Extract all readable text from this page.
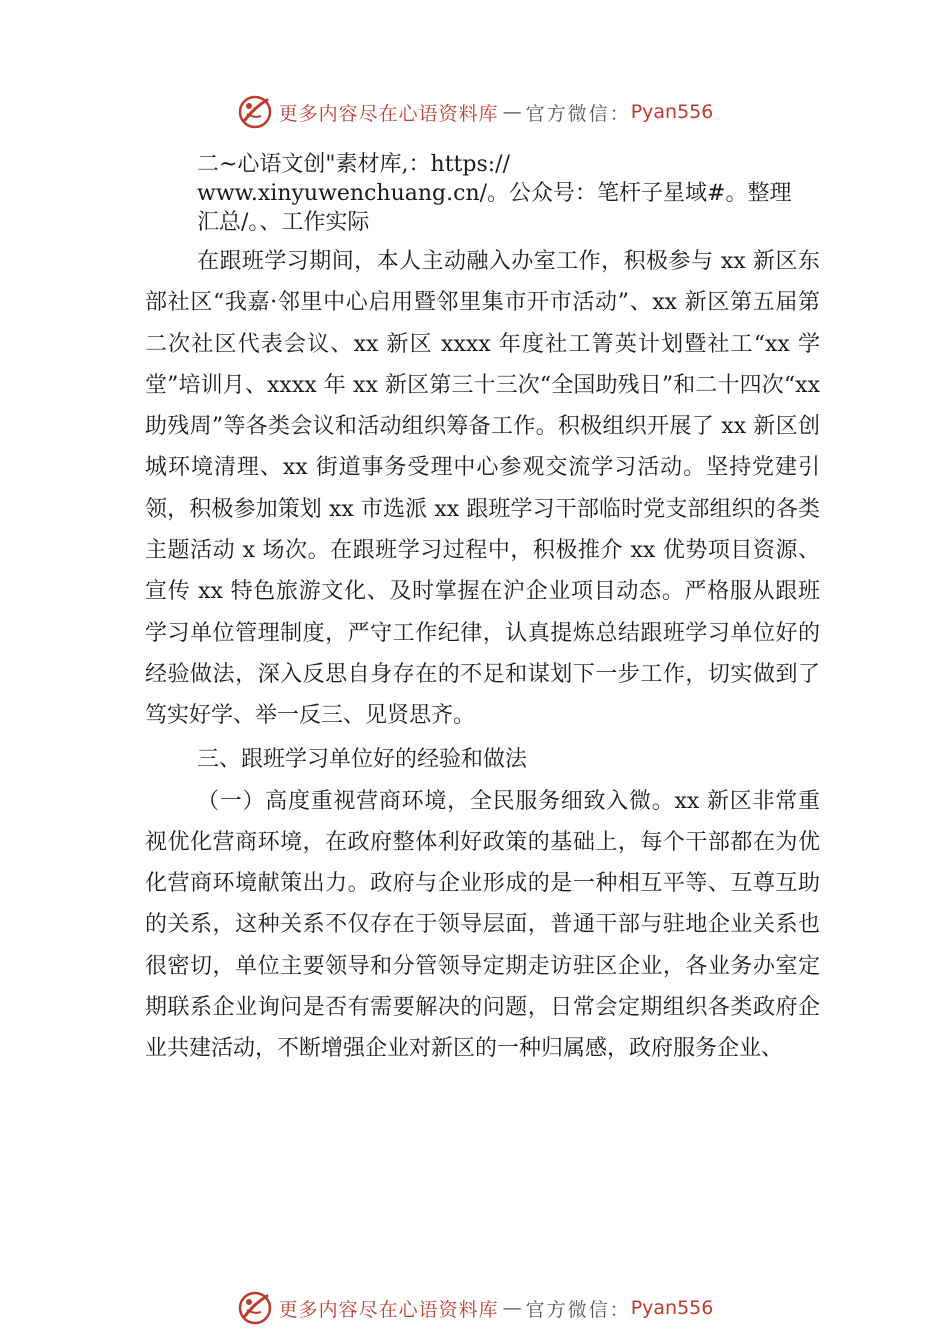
更多内容尽在心语资料库 — 官方微信： Pyan556
二~心语文创"素材库,：https://
www.xinyuwenchuang.cn/。公众号：笔杆子星域#。整理
汇总/。、工作实际

在跟班学习期间，本人主动融入办室工作，积极参与 xx 新区东部社区“我嘉·邻里中心启用暨邻里集市开市活动”、xx 新区第五届第二次社区代表会议、xx 新区 xxxx 年度社工箐英计划暨社工“xx 学堂”培训月、xxxx 年 xx 新区第三十三次“全国助残日”和二十四次“xx 助残周”等各类会议和活动组织筹备工作。积极组织开展了 xx 新区创城环境清理、xx 街道事务受理中心参观交流学习活动。坚持党建引领，积极参加策划 xx 市选派 xx 跟班学习干部临时党支部组织的各类主题活动 x 场次。在跟班学习过程中，积极推介 xx 优势项目资源、宣传 xx 特色旅游文化、及时掌握在沪企业项目动态。严格服从跟班学习单位管理制度，严守工作纪律，认真提炼总结跟班学习单位好的经验做法，深入反思自身存在的不足和谋划下一步工作，切实做到了笃实好学、举一反三、见贤思齐。

三、跟班学习单位好的经验和做法

（一）高度重视营商环境，全民服务细致入微。xx 新区非常重视优化营商环境，在政府整体利好政策的基础上，每个干部都在为优化营商环境献策出力。政府与企业形成的是一种相互平等、互尊互助的关系，这种关系不仅存在于领导层面，普通干部与驻地企业关系也很密切，单位主要领导和分管领导定期走访驻区企业，各业务办室定期联系企业询问是否有需要解决的问题，日常会定期组织各类政府企业共建活动，不断增强企业对新区的一种归属感，政府服务企业、

更多内容尽在心语资料库 — 官方微信： Pyan556
